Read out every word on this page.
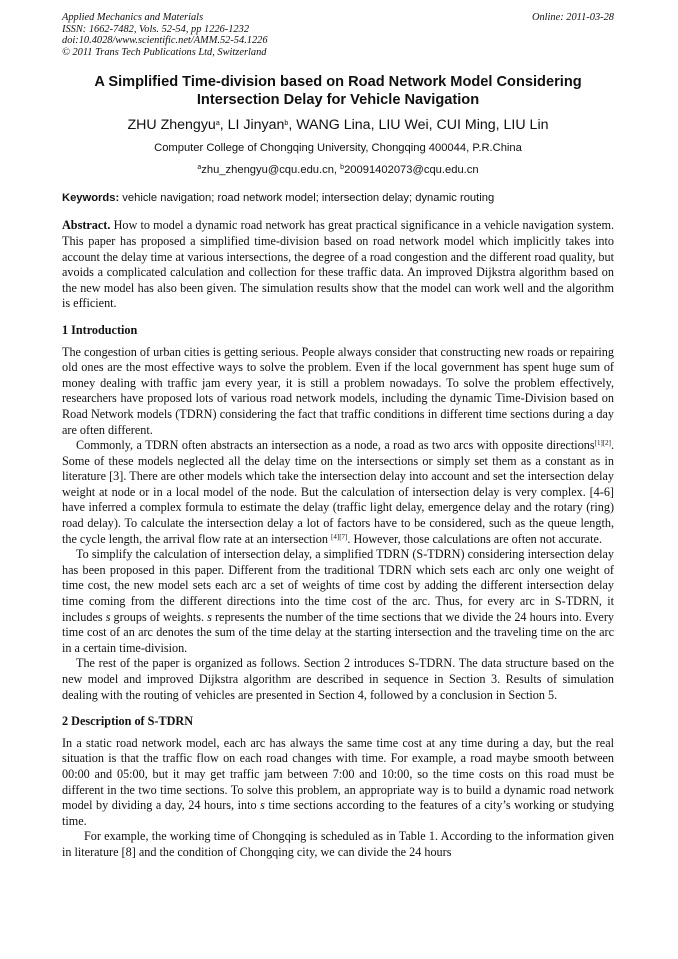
Applied Mechanics and Materials
ISSN: 1662-7482, Vols. 52-54, pp 1226-1232
doi:10.4028/www.scientific.net/AMM.52-54.1226
© 2011 Trans Tech Publications Ltd, Switzerland
Online: 2011-03-28
A Simplified Time-division based on Road Network Model Considering Intersection Delay for Vehicle Navigation
ZHU Zhengyu$^a$, LI Jinyan$^b$, WANG Lina, LIU Wei, CUI Ming, LIU Lin
Computer College of Chongqing University, Chongqing 400044, P.R.China
$^a$zhu_zhengyu@cqu.edu.cn, $^b$20091402073@cqu.edu.cn
Keywords: vehicle navigation; road network model; intersection delay; dynamic routing
Abstract. How to model a dynamic road network has great practical significance in a vehicle navigation system. This paper has proposed a simplified time-division based on road network model which implicitly takes into account the delay time at various intersections, the degree of a road congestion and the different road quality, but avoids a complicated calculation and collection for these traffic data. An improved Dijkstra algorithm based on the new model has also been given. The simulation results show that the model can work well and the algorithm is efficient.
1 Introduction
The congestion of urban cities is getting serious. People always consider that constructing new roads or repairing old ones are the most effective ways to solve the problem. Even if the local government has spent huge sum of money dealing with traffic jam every year, it is still a problem nowadays. To solve the problem effectively, researchers have proposed lots of various road network models, including the dynamic Time-Division based on Road Network models (TDRN) considering the fact that traffic conditions in different time sections during a day are often different.
Commonly, a TDRN often abstracts an intersection as a node, a road as two arcs with opposite directions[1][2]. Some of these models neglected all the delay time on the intersections or simply set them as a constant as in literature [3]. There are other models which take the intersection delay into account and set the intersection delay weight at node or in a local model of the node. But the calculation of intersection delay is very complex. [4-6] have inferred a complex formula to estimate the delay (traffic light delay, emergence delay and the rotary (ring) road delay). To calculate the intersection delay a lot of factors have to be considered, such as the queue length, the cycle length, the arrival flow rate at an intersection [4][7]. However, those calculations are often not accurate.
To simplify the calculation of intersection delay, a simplified TDRN (S-TDRN) considering intersection delay has been proposed in this paper. Different from the traditional TDRN which sets each arc only one weight of time cost, the new model sets each arc a set of weights of time cost by adding the different intersection delay time coming from the different directions into the time cost of the arc. Thus, for every arc in S-TDRN, it includes s groups of weights. s represents the number of the time sections that we divide the 24 hours into. Every time cost of an arc denotes the sum of the time delay at the starting intersection and the traveling time on the arc in a certain time-division.
The rest of the paper is organized as follows. Section 2 introduces S-TDRN. The data structure based on the new model and improved Dijkstra algorithm are described in sequence in Section 3. Results of simulation dealing with the routing of vehicles are presented in Section 4, followed by a conclusion in Section 5.
2 Description of S-TDRN
In a static road network model, each arc has always the same time cost at any time during a day, but the real situation is that the traffic flow on each road changes with time. For example, a road maybe smooth between 00:00 and 05:00, but it may get traffic jam between 7:00 and 10:00, so the time costs on this road must be different in the two time sections. To solve this problem, an appropriate way is to build a dynamic road network model by dividing a day, 24 hours, into s time sections according to the features of a city’s working or studying time.
For example, the working time of Chongqing is scheduled as in Table 1. According to the information given in literature [8] and the condition of Chongqing city, we can divide the 24 hours
